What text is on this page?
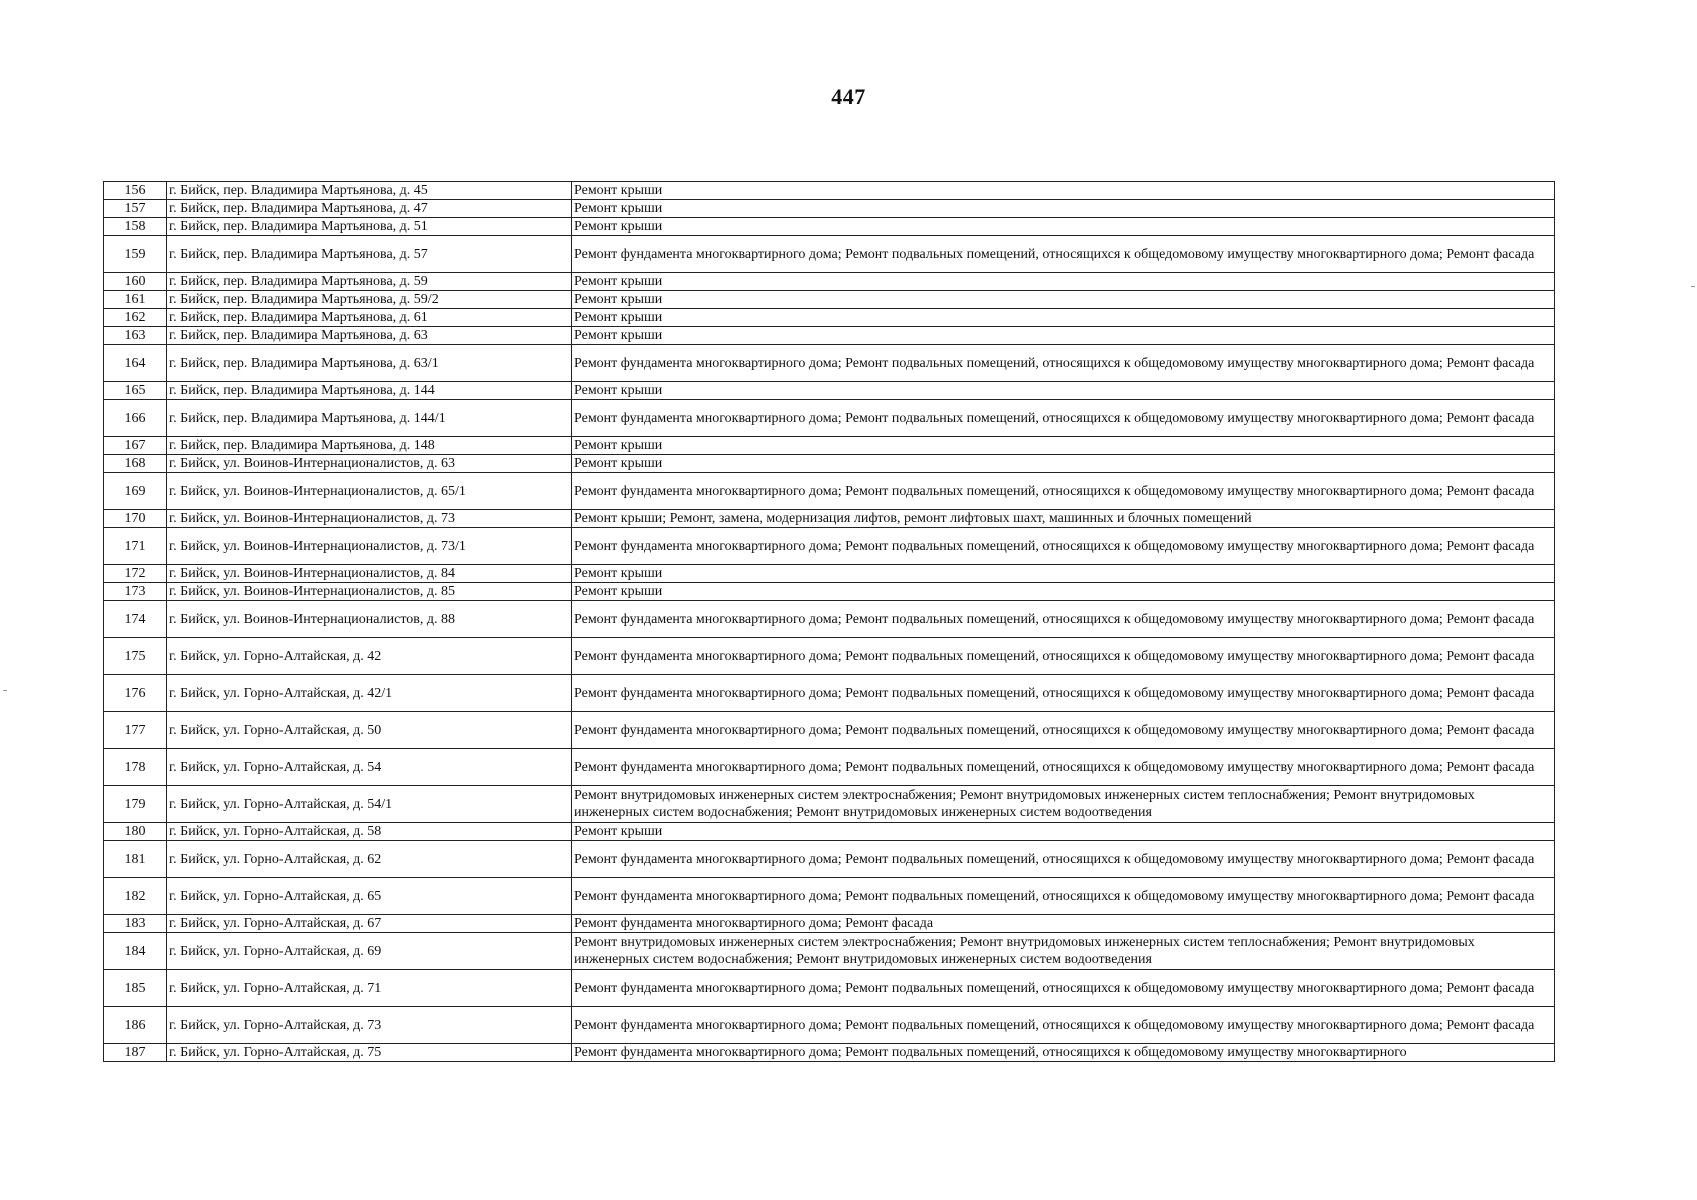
447
156	г. Бийск, пер. Владимира Мартьянова, д. 45	Ремонт крыши
157	г. Бийск, пер. Владимира Мартьянова, д. 47	Ремонт крыши
158	г. Бийск, пер. Владимира Мартьянова, д. 51	Ремонт крыши
159	г. Бийск, пер. Владимира Мартьянова, д. 57	Ремонт фундамента многоквартирного дома; Ремонт подвальных помещений, относящихся к общедомовому имуществу многоквартирного дома; Ремонт фасада
160	г. Бийск, пер. Владимира Мартьянова, д. 59	Ремонт крыши
161	г. Бийск, пер. Владимира Мартьянова, д. 59/2	Ремонт крыши
162	г. Бийск, пер. Владимира Мартьянова, д. 61	Ремонт крыши
163	г. Бийск, пер. Владимира Мартьянова, д. 63	Ремонт крыши
164	г. Бийск, пер. Владимира Мартьянова, д. 63/1	Ремонт фундамента многоквартирного дома; Ремонт подвальных помещений, относящихся к общедомовому имуществу многоквартирного дома; Ремонт фасада
165	г. Бийск, пер. Владимира Мартьянова, д. 144	Ремонт крыши
166	г. Бийск, пер. Владимира Мартьянова, д. 144/1	Ремонт фундамента многоквартирного дома; Ремонт подвальных помещений, относящихся к общедомовому имуществу многоквартирного дома; Ремонт фасада
167	г. Бийск, пер. Владимира Мартьянова, д. 148	Ремонт крыши
168	г. Бийск, ул. Воинов-Интернационалистов, д. 63	Ремонт крыши
169	г. Бийск, ул. Воинов-Интернационалистов, д. 65/1	Ремонт фундамента многоквартирного дома; Ремонт подвальных помещений, относящихся к общедомовому имуществу многоквартирного дома; Ремонт фасада
170	г. Бийск, ул. Воинов-Интернационалистов, д. 73	Ремонт крыши; Ремонт, замена, модернизация лифтов, ремонт лифтовых шахт, машинных и блочных помещений
171	г. Бийск, ул. Воинов-Интернационалистов, д. 73/1	Ремонт фундамента многоквартирного дома; Ремонт подвальных помещений, относящихся к общедомовому имуществу многоквартирного дома; Ремонт фасада
172	г. Бийск, ул. Воинов-Интернационалистов, д. 84	Ремонт крыши
173	г. Бийск, ул. Воинов-Интернационалистов, д. 85	Ремонт крыши
174	г. Бийск, ул. Воинов-Интернационалистов, д. 88	Ремонт фундамента многоквартирного дома; Ремонт подвальных помещений, относящихся к общедомовому имуществу многоквартирного дома; Ремонт фасада
175	г. Бийск, ул. Горно-Алтайская, д. 42	Ремонт фундамента многоквартирного дома; Ремонт подвальных помещений, относящихся к общедомовому имуществу многоквартирного дома; Ремонт фасада
176	г. Бийск, ул. Горно-Алтайская, д. 42/1	Ремонт фундамента многоквартирного дома; Ремонт подвальных помещений, относящихся к общедомовому имуществу многоквартирного дома; Ремонт фасада
177	г. Бийск, ул. Горно-Алтайская, д. 50	Ремонт фундамента многоквартирного дома; Ремонт подвальных помещений, относящихся к общедомовому имуществу многоквартирного дома; Ремонт фасада
178	г. Бийск, ул. Горно-Алтайская, д. 54	Ремонт фундамента многоквартирного дома; Ремонт подвальных помещений, относящихся к общедомовому имуществу многоквартирного дома; Ремонт фасада
179	г. Бийск, ул. Горно-Алтайская, д. 54/1	Ремонт внутридомовых инженерных систем электроснабжения; Ремонт внутридомовых инженерных систем теплоснабжения; Ремонт внутридомовых инженерных систем водоснабжения; Ремонт внутридомовых инженерных систем водоотведения
180	г. Бийск, ул. Горно-Алтайская, д. 58	Ремонт крыши
181	г. Бийск, ул. Горно-Алтайская, д. 62	Ремонт фундамента многоквартирного дома; Ремонт подвальных помещений, относящихся к общедомовому имуществу многоквартирного дома; Ремонт фасада
182	г. Бийск, ул. Горно-Алтайская, д. 65	Ремонт фундамента многоквартирного дома; Ремонт подвальных помещений, относящихся к общедомовому имуществу многоквартирного дома; Ремонт фасада
183	г. Бийск, ул. Горно-Алтайская, д. 67	Ремонт фундамента многоквартирного дома; Ремонт фасада
184	г. Бийск, ул. Горно-Алтайская, д. 69	Ремонт внутридомовых инженерных систем электроснабжения; Ремонт внутридомовых инженерных систем теплоснабжения; Ремонт внутридомовых инженерных систем водоснабжения; Ремонт внутридомовых инженерных систем водоотведения
185	г. Бийск, ул. Горно-Алтайская, д. 71	Ремонт фундамента многоквартирного дома; Ремонт подвальных помещений, относящихся к общедомовому имуществу многоквартирного дома; Ремонт фасада
186	г. Бийск, ул. Горно-Алтайская, д. 73	Ремонт фундамента многоквартирного дома; Ремонт подвальных помещений, относящихся к общедомовому имуществу многоквартирного дома; Ремонт фасада
187	г. Бийск, ул. Горно-Алтайская, д. 75	Ремонт фундамента многоквартирного дома; Ремонт подвальных помещений, относящихся к общедомовому имуществу многоквартирного
